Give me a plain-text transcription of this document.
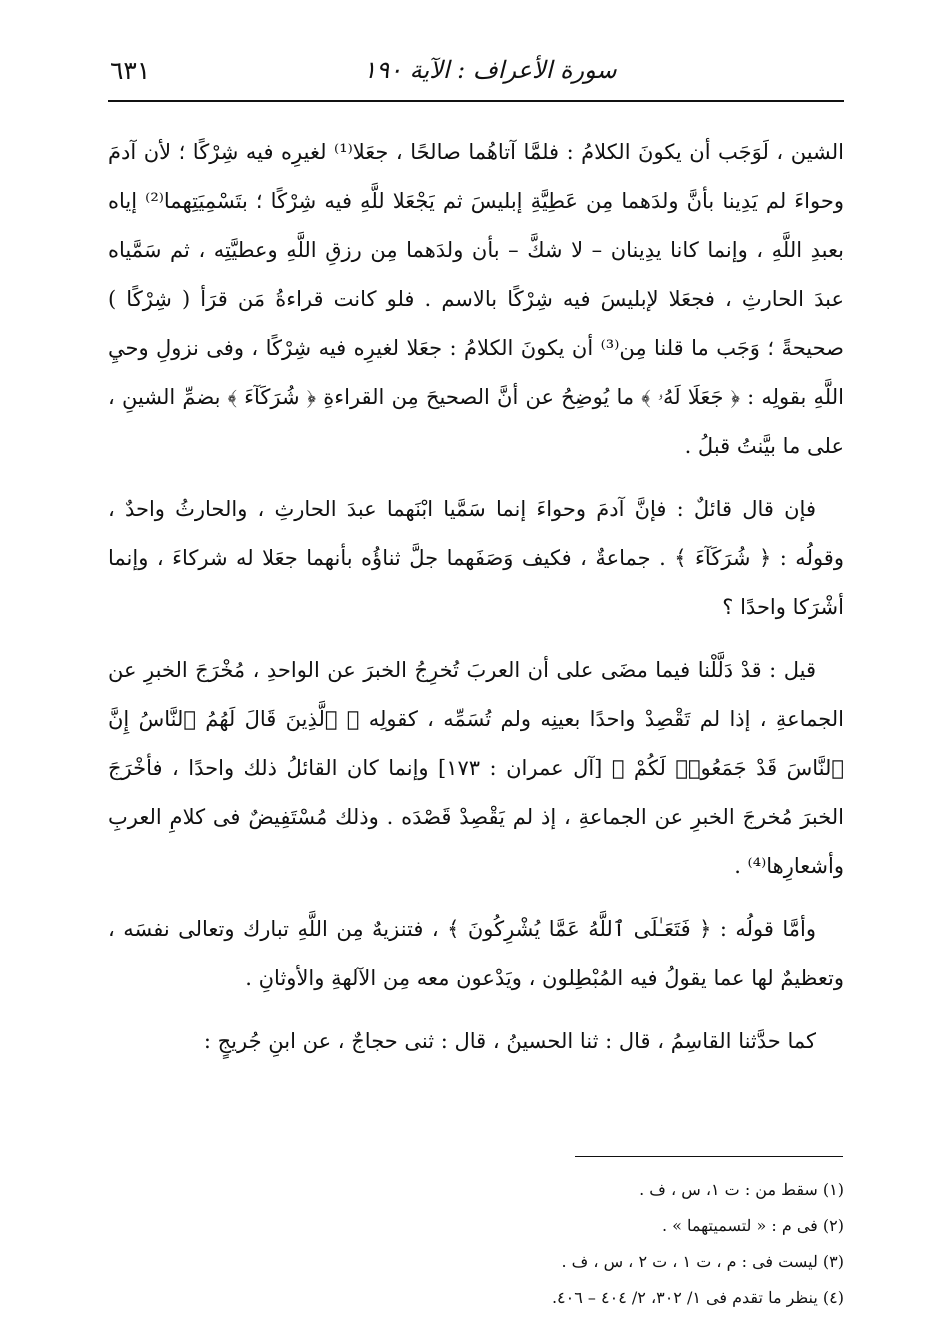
سورة الأعراف : الآية ١٩٠
٦٣١

الشين ، لَوَجَب أن يكونَ الكلامُ : فلمَّا آتاهُما صالحًا ، جعَلا⁽¹⁾ لغيرِه فيه شِرْكًا ؛ لأن آدمَ وحواءَ لم يَدِينا بأنَّ ولدَهما مِن عَطِيَّةِ إبليسَ ثم يَجْعَلا للَّهِ فيه شِرْكًا ؛ بتَسْمِيَتِهما⁽²⁾ إياه بعبدِ اللَّهِ ، وإنما كانا يدِينان – لا شكَّ – بأن ولدَهما مِن رزقِ اللَّهِ وعطيَّتِه ، ثم سَمَّياه عبدَ الحارثِ ، فجعَلا لإبليسَ فيه شِرْكًا بالاسم . فلو كانت قراءةُ مَن قرَأ ( شِرْكًا ) صحيحةً ؛ وَجَب ما قلنا مِن⁽³⁾ أن يكونَ الكلامُ : جعَلا لغيرِه فيه شِرْكًا ، وفى نزولِ وحيِ اللَّهِ بقولِه : ﴿ جَعَلَا لَهُۥ ﴾ ما يُوضِحُ عن أنَّ الصحيحَ مِن القراءةِ ﴿ شُرَكَآءَ ﴾ بضمِّ الشينِ ، على ما بيَّنتُ قبلُ .

فإن قال قائلٌ : فإنَّ آدمَ وحواءَ إنما سَمَّيا ابْنَهما عبدَ الحارثِ ، والحارثُ واحدٌ ، وقولُه : ﴿ شُرَكَآءَ ﴾ . جماعةٌ ، فكيف وَصَفَهما جلَّ ثناؤُه بأنهما جعَلا له شركاءَ ، وإنما أشْرَكا واحدًا ؟

قيل : قدْ دَلَّلْنا فيما مضَى على أن العربَ تُخرِجُ الخبرَ عن الواحدِ ، مُخْرَجَ الخبرِ عن الجماعةِ ، إذا لم تَقْصِدْ واحدًا بعينِه ولم تُسَمِّه ، كقولِه ﴿ ٱلَّذِينَ قَالَ لَهُمُ ٱلنَّاسُ إِنَّ ٱلنَّاسَ قَدْ جَمَعُوا۟ لَكُمْ ﴾ [آل عمران : ١٧٣] وإنما كان القائلُ ذلك واحدًا ، فأخْرَجَ الخبرَ مُخرجَ الخبرِ عن الجماعةِ ، إذ لم يَقْصِدْ قَصْدَه . وذلك مُسْتَفِيضٌ فى كلامِ العربِ وأشعارِها⁽⁴⁾ .

وأمَّا قولُه : ﴿ فَتَعَـٰلَى ٱللَّهُ عَمَّا يُشْرِكُونَ ﴾ ، فتنزيهٌ مِن اللَّهِ تبارك وتعالى نفسَه ، وتعظيمٌ لها عما يقولُ فيه المُبْطِلون ، ويَدْعون معه مِن الآلهةِ والأوثانِ .

كما حدَّثنا القاسِمُ ، قال : ثنا الحسينُ ، قال : ثنى حجاجٌ ، عن ابنِ جُريجٍ :

(١) سقط من : ت ١، س ، ف .

(٢) فى م : « لتسميتهما » .

(٣) ليست فى : م ، ت ١ ، ت ٢ ، س ، ف .

(٤) ينظر ما تقدم فى ١/ ٣٠٢، ٢/ ٤٠٤ – ٤٠٦.
